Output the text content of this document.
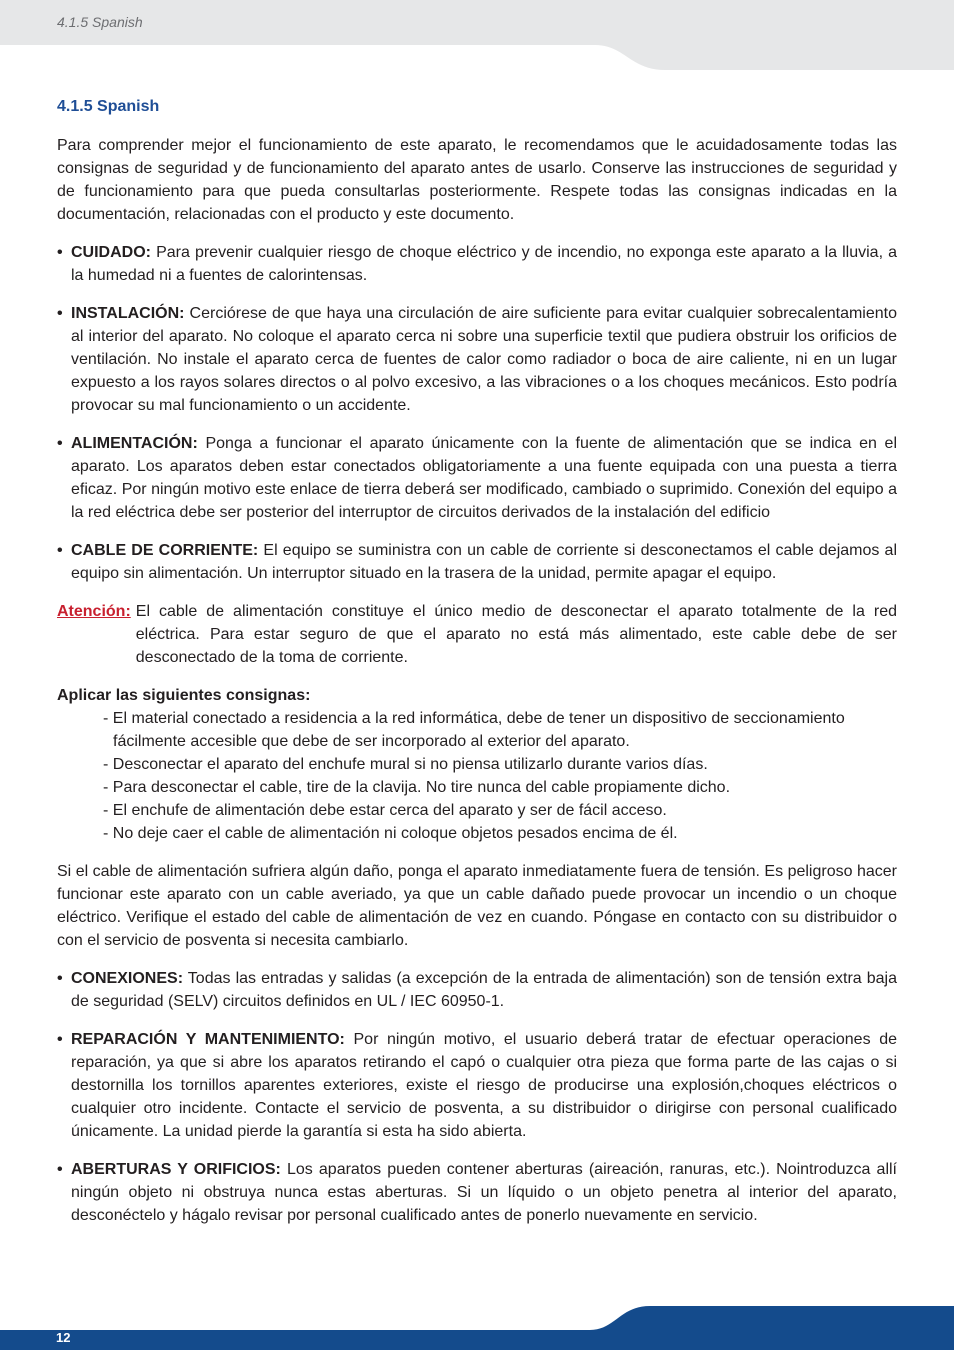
4.1.5 Spanish
4.1.5 Spanish

Para comprender mejor el funcionamiento de este aparato, le recomendamos que le acuidadosamente todas las consignas de seguridad y de funcionamiento del aparato antes de usarlo. Conserve las instrucciones de seguridad y de funcionamiento para que pueda consultarlas posteriormente. Respete todas las consignas indicadas en la documentación, relacionadas con el producto y este documento.

• CUIDADO: Para prevenir cualquier riesgo de choque eléctrico y de incendio, no exponga este aparato a la lluvia, a la humedad ni a fuentes de calorintensas.
• INSTALACIÓN: Cerciórese de que haya una circulación de aire suficiente para evitar cualquier sobrecalentamiento al interior del aparato. No coloque el aparato cerca ni sobre una superficie textil que pudiera obstruir los orificios de ventilación. No instale el aparato cerca de fuentes de calor como radiador o boca de aire caliente, ni en un lugar expuesto a los rayos solares directos o al polvo excesivo, a las vibraciones o a los choques mecánicos. Esto podría provocar su mal funcionamiento o un accidente.
• ALIMENTACIÓN: Ponga a funcionar el aparato únicamente con la fuente de alimentación que se indica en el aparato. Los aparatos deben estar conectados obligatoriamente a una fuente equipada con una puesta a tierra eficaz. Por ningún motivo este enlace de tierra deberá ser modificado, cambiado o suprimido. Conexión del equipo a la red eléctrica debe ser posterior del interruptor de circuitos derivados de la instalación del edificio
• CABLE DE CORRIENTE: El equipo se suministra con un cable de corriente si desconectamos el cable dejamos al equipo sin alimentación. Un interruptor situado en la trasera de la unidad, permite apagar el equipo.
Atención: El cable de alimentación constituye el único medio de desconectar el aparato totalmente de la red eléctrica. Para estar seguro de que el aparato no está más alimentado, este cable debe de ser desconectado de la toma de corriente.
Aplicar las siguientes consignas:
- El material conectado a residencia a la red informática, debe de tener un dispositivo de seccionamiento fácilmente accesible que debe de ser incorporado al exterior del aparato.
- Desconectar el aparato del enchufe mural si no piensa utilizarlo durante varios días.
- Para desconectar el cable, tire de la clavija. No tire nunca del cable propiamente dicho.
- El enchufe de alimentación debe estar cerca del aparato y ser de fácil acceso.
- No deje caer el cable de alimentación ni coloque objetos pesados encima de él.

Si el cable de alimentación sufriera algún daño, ponga el aparato inmediatamente fuera de tensión. Es peligroso hacer funcionar este aparato con un cable averiado, ya que un cable dañado puede provocar un incendio o un choque eléctrico. Verifique el estado del cable de alimentación de vez en cuando. Póngase en contacto con su distribuidor o con el servicio de posventa si necesita cambiarlo.

• CONEXIONES: Todas las entradas y salidas (a excepción de la entrada de alimentación) son de tensión extra baja de seguridad (SELV) circuitos definidos en UL / IEC 60950-1.
• REPARACIÓN Y MANTENIMIENTO: Por ningún motivo, el usuario deberá tratar de efectuar operaciones de reparación, ya que si abre los aparatos retirando el capó o cualquier otra pieza que forma parte de las cajas o si destornilla los tornillos aparentes exteriores, existe el riesgo de producirse una explosión,choques eléctricos o cualquier otro incidente. Contacte el servicio de posventa, a su distribuidor o dirigirse con personal cualificado únicamente. La unidad pierde la garantía si esta ha sido abierta.
• ABERTURAS Y ORIFICIOS: Los aparatos pueden contener aberturas (aireación, ranuras, etc.). Nointroduzca allí ningún objeto ni obstruya nunca estas aberturas. Si un líquido o un objeto penetra al interior del aparato, desconéctelo y hágalo revisar por personal cualificado antes de ponerlo nuevamente en servicio.
12
